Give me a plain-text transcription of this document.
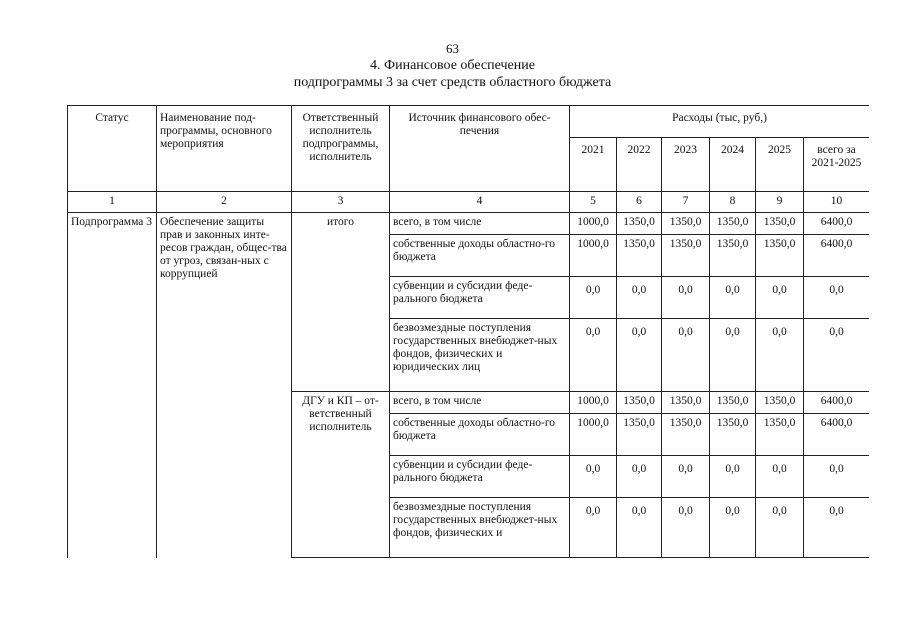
63
4. Финансовое обеспечение
подпрограммы 3 за счет средств областного бюджета
Статус	Наименование под-программы, основного мероприятия	Ответственный исполнитель подпрограммы, исполнитель	Источник финансового обес-печения	Расходы (тыс, руб,)					
				2021	2022	2023	2024	2025	всего за 2021-2025
1	2	3	4	5	6	7	8	9	10
Подпрограмма 3	Обеспечение защиты прав и законных инте-ресов граждан, общес-тва от угроз, связан-ных с коррупцией	итого	всего, в том числе	1000,0	1350,0	1350,0	1350,0	1350,0	6400,0
			собственные доходы областно-го бюджета	1000,0	1350,0	1350,0	1350,0	1350,0	6400,0
			субвенции и субсидии феде-рального бюджета	0,0	0,0	0,0	0,0	0,0	0,0
			безвозмездные поступления государственных внебюджет-ных фондов, физических и юридических лиц	0,0	0,0	0,0	0,0	0,0	0,0
		ДГУ и КП – от-ветственный исполнитель	всего, в том числе	1000,0	1350,0	1350,0	1350,0	1350,0	6400,0
			собственные доходы областно-го бюджета	1000,0	1350,0	1350,0	1350,0	1350,0	6400,0
			субвенции и субсидии феде-рального бюджета	0,0	0,0	0,0	0,0	0,0	0,0
			безвозмездные поступления государственных внебюджет-ных фондов, физических и	0,0	0,0	0,0	0,0	0,0	0,0
